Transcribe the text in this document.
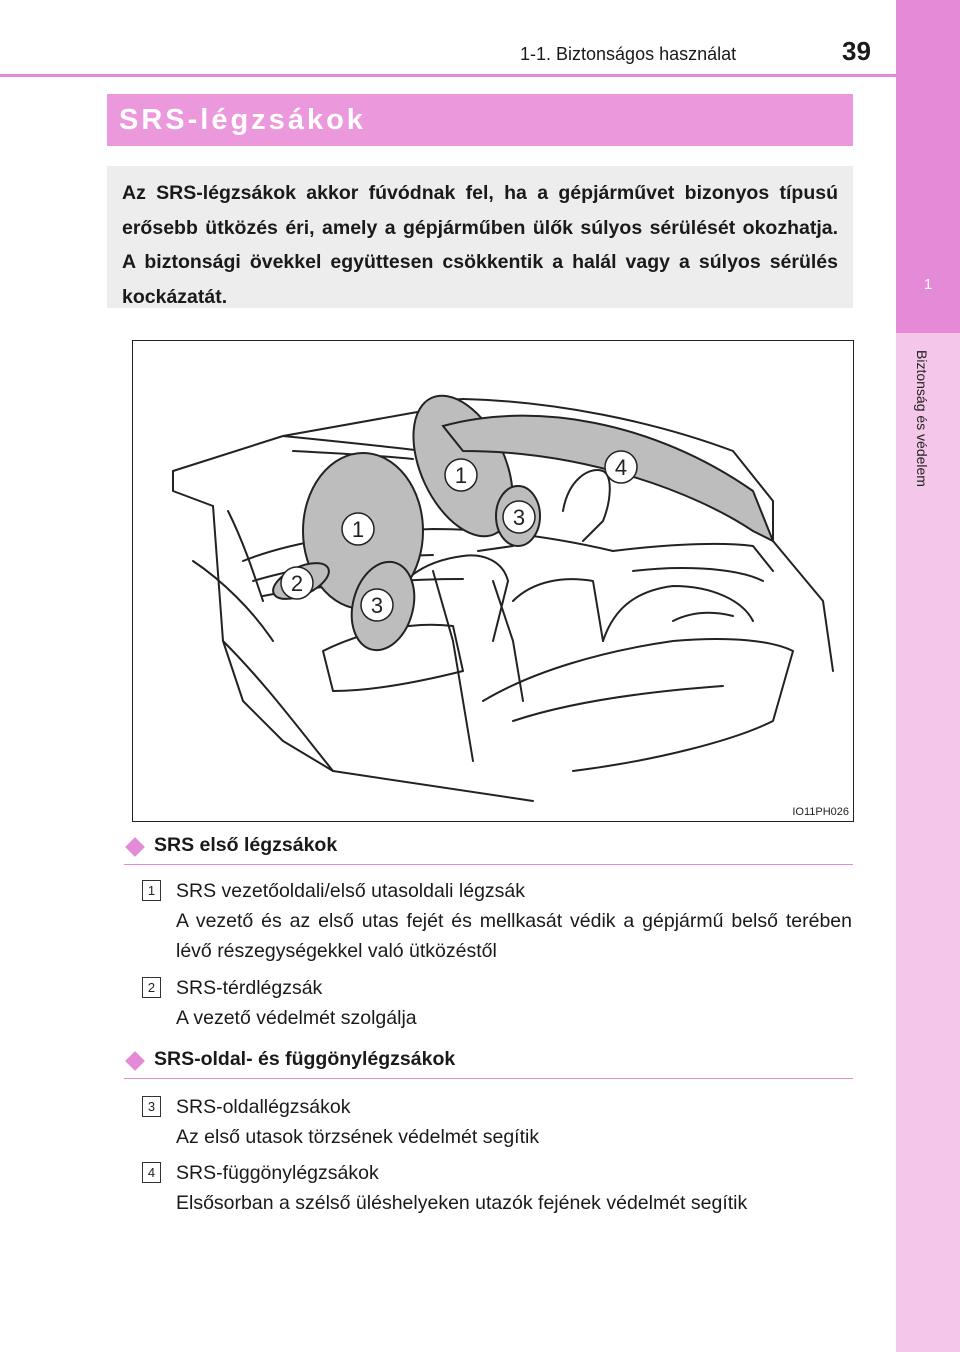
1
Biztonság és védelem
1-1. Biztonságos használat	39
SRS-légzsákok

Az SRS-légzsákok akkor fúvódnak fel, ha a gépjárművet bizonyos típusú erősebb ütközés éri, amely a gépjárműben ülők súlyos sérülését okozhatja. A biztonsági övekkel együttesen csökkentik a halál vagy a súlyos sérülés kockázatát.

1
1
2
3
3
4
IO11PH026
SRS első légzsákok
1	SRS vezetőoldali/első utasoldali légzsák
A vezető és az első utas fejét és mellkasát védik a gépjármű belső terében lévő részegységekkel való ütközéstől
2	SRS-térdlégzsák
A vezető védelmét szolgálja
SRS-oldal- és függönylégzsákok
3	SRS-oldallégzsákok
Az első utasok törzsének védelmét segítik
4	SRS-függönylégzsákok
Elsősorban a szélső üléshelyeken utazók fejének védelmét segítik
